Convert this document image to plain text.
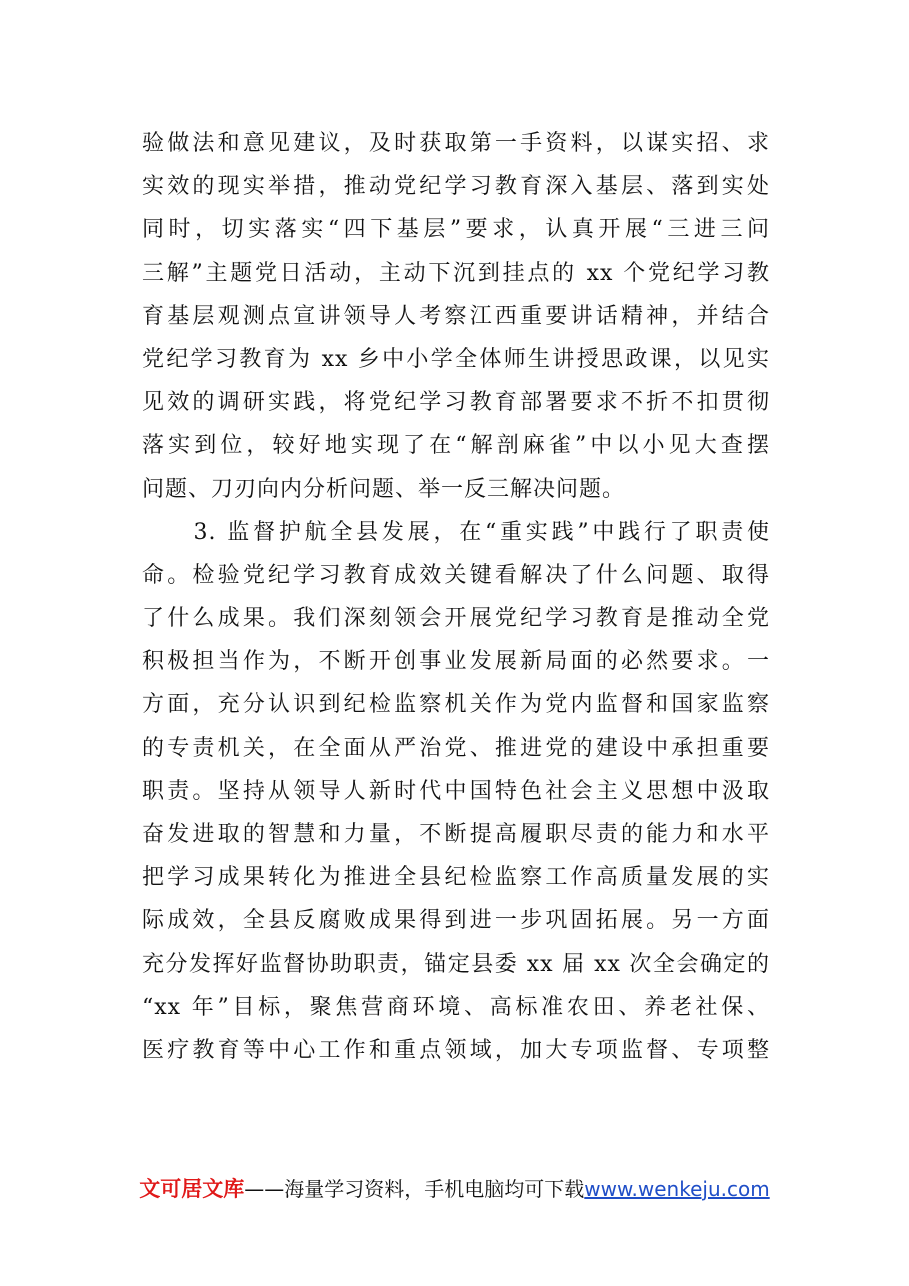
验做法和意见建议，及时获取第一手资料，以谋实招、求
实效的现实举措，推动党纪学习教育深入基层、落到实处
同时，切实落实“四下基层”要求，认真开展“三进三问
三解”主题党日活动，主动下沉到挂点的 xx 个党纪学习教
育基层观测点宣讲领导人考察江西重要讲话精神，并结合
党纪学习教育为 xx 乡中小学全体师生讲授思政课，以见实
见效的调研实践，将党纪学习教育部署要求不折不扣贯彻
落实到位，较好地实现了在“解剖麻雀”中以小见大查摆
问题、刀刃向内分析问题、举一反三解决问题。
　　3. 监督护航全县发展，在“重实践”中践行了职责使
命。检验党纪学习教育成效关键看解决了什么问题、取得
了什么成果。我们深刻领会开展党纪学习教育是推动全党
积极担当作为，不断开创事业发展新局面的必然要求。一
方面，充分认识到纪检监察机关作为党内监督和国家监察
的专责机关，在全面从严治党、推进党的建设中承担重要
职责。坚持从领导人新时代中国特色社会主义思想中汲取
奋发进取的智慧和力量，不断提高履职尽责的能力和水平
把学习成果转化为推进全县纪检监察工作高质量发展的实
际成效，全县反腐败成果得到进一步巩固拓展。另一方面
充分发挥好监督协助职责，锚定县委 xx 届 xx 次全会确定的
“xx 年”目标，聚焦营商环境、高标准农田、养老社保、
医疗教育等中心工作和重点领域，加大专项监督、专项整
文可居文库——海量学习资料，手机电脑均可下载www.wenkeju.com
